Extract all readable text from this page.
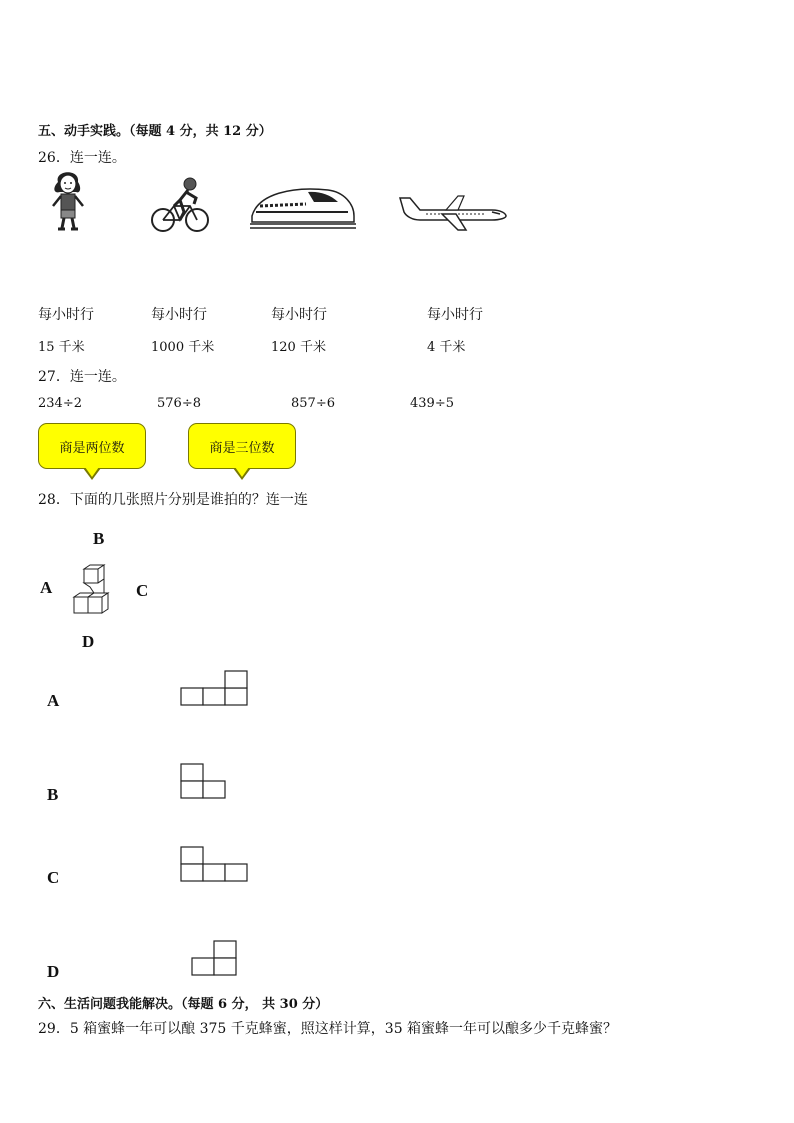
五、动手实践。（每题 4 分，共 12 分）
26．连一连。
每小时行
15 千米
每小时行
1000 千米
每小时行
120 千米
每小时行
4 千米
27．连一连。
234÷2	576÷8	857÷6	439÷5
商是两位数	商是三位数
28．下面的几张照片分别是谁拍的？连一连
B
A	C
D
A
B
C
D
六、生活问题我能解决。（每题 6 分， 共 30 分）
29．5 箱蜜蜂一年可以酿 375 千克蜂蜜，照这样计算，35 箱蜜蜂一年可以酿多少千克蜂蜜？
